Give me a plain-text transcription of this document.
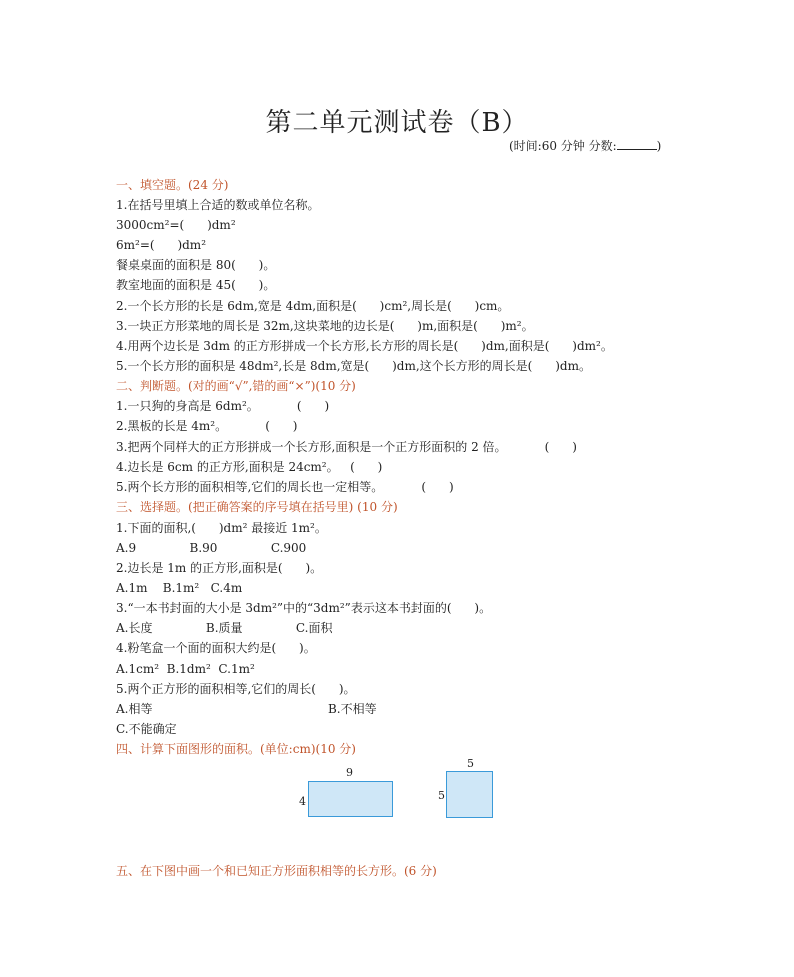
第二单元测试卷（B）
(时间:60 分钟 分数:	)
一、填空题。(24 分)
1.在括号里填上合适的数或单位名称。
3000cm²=(      )dm²
6m²=(      )dm²
餐桌桌面的面积是 80(      )。
教室地面的面积是 45(      )。
2.一个长方形的长是 6dm,宽是 4dm,面积是(      )cm²,周长是(      )cm。
3.一块正方形菜地的周长是 32m,这块菜地的边长是(      )m,面积是(      )m²。
4.用两个边长是 3dm 的正方形拼成一个长方形,长方形的周长是(      )dm,面积是(      )dm²。
5.一个长方形的面积是 48dm²,长是 8dm,宽是(      )dm,这个长方形的周长是(      )dm。
二、判断题。(对的画“√”,错的画“×”)(10 分)
1.一只狗的身高是 6dm²。          (      )
2.黑板的长是 4m²。          (      )
3.把两个同样大的正方形拼成一个长方形,面积是一个正方形面积的 2 倍。          (      )
4.边长是 6cm 的正方形,面积是 24cm²。   (      )
5.两个长方形的面积相等,它们的周长也一定相等。          (      )
三、选择题。(把正确答案的序号填在括号里) (10 分)
1.下面的面积,(      )dm² 最接近 1m²。
A.9              B.90              C.900
2.边长是 1m 的正方形,面积是(      )。
A.1m    B.1m²   C.4m
3.“一本书封面的大小是 3dm²”中的“3dm²”表示这本书封面的(      )。
A.长度              B.质量              C.面积
4.粉笔盒一个面的面积大约是(      )。
A.1cm²  B.1dm²  C.1m²
5.两个正方形的面积相等,它们的周长(      )。
A.相等                                              B.不相等
C.不能确定
四、计算下面图形的面积。(单位:cm)(10 分)
9
4
5
5
五、在下图中画一个和已知正方形面积相等的长方形。(6 分)
